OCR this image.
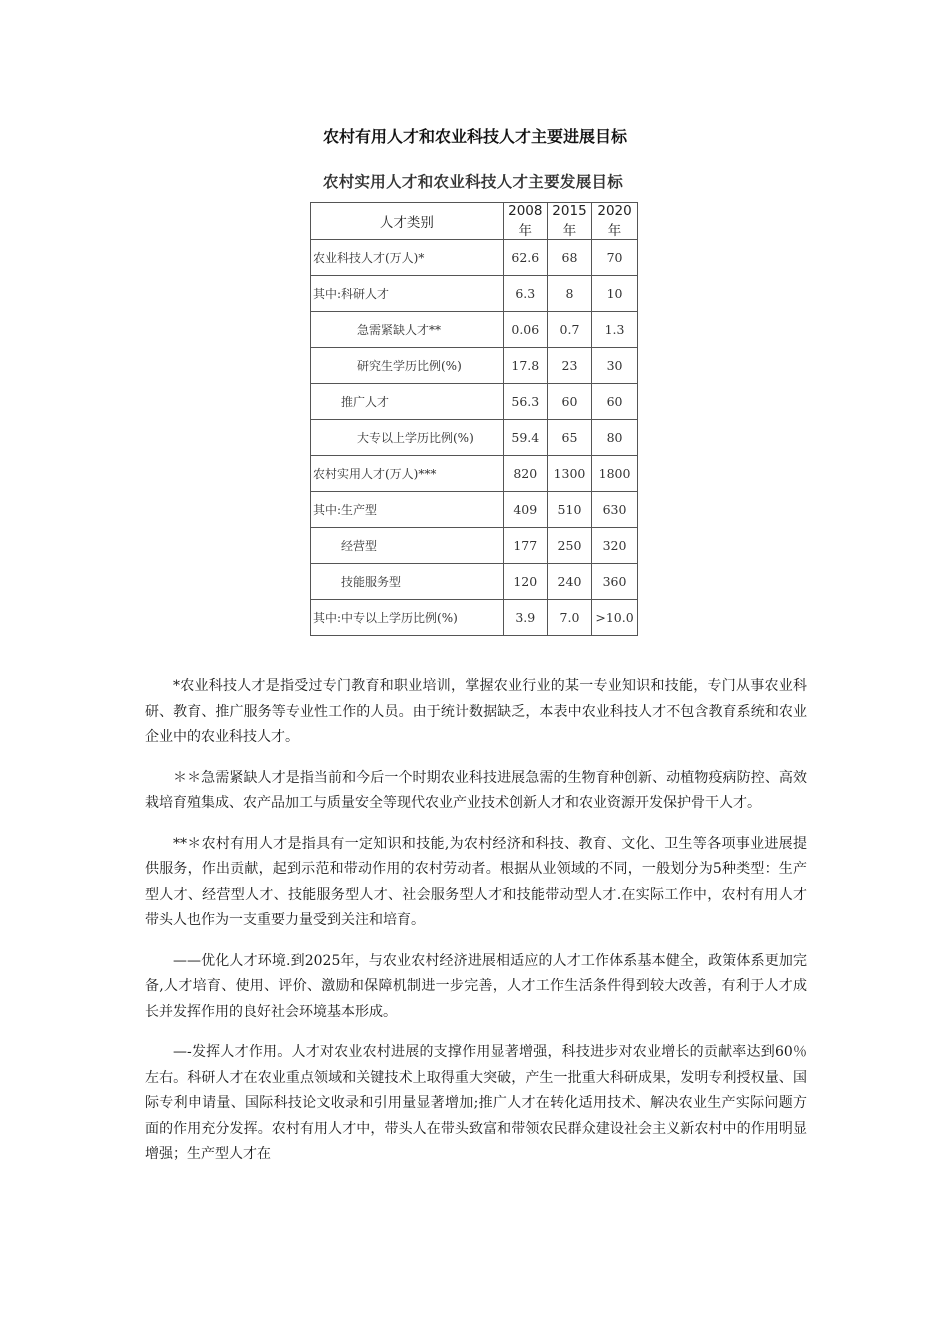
农村有用人才和农业科技人才主要进展目标
农村实用人才和农业科技人才主要发展目标
人才类别	2008年	2015年	2020年
农业科技人才(万人)*	62.6	68	70
其中:科研人才	6.3	8	10
急需紧缺人才**	0.06	0.7	1.3
研究生学历比例(%)	17.8	23	30
推广人才	56.3	60	60
大专以上学历比例(%)	59.4	65	80
农村实用人才(万人)***	820	1300	1800
其中:生产型	409	510	630
经营型	177	250	320
技能服务型	120	240	360
其中:中专以上学历比例(%)	3.9	7.0	>10.0

*农业科技人才是指受过专门教育和职业培训，掌握农业行业的某一专业知识和技能，专门从事农业科研、教育、推广服务等专业性工作的人员。由于统计数据缺乏，本表中农业科技人才不包含教育系统和农业企业中的农业科技人才。

＊＊急需紧缺人才是指当前和今后一个时期农业科技进展急需的生物育种创新、动植物疫病防控、高效栽培育殖集成、农产品加工与质量安全等现代农业产业技术创新人才和农业资源开发保护骨干人才。

**＊农村有用人才是指具有一定知识和技能,为农村经济和科技、教育、文化、卫生等各项事业进展提供服务，作出贡献，起到示范和带动作用的农村劳动者。根据从业领域的不同，一般划分为5种类型：生产型人才、经营型人才、技能服务型人才、社会服务型人才和技能带动型人才.在实际工作中，农村有用人才带头人也作为一支重要力量受到关注和培育。

——优化人才环境.到2025年，与农业农村经济进展相适应的人才工作体系基本健全，政策体系更加完备,人才培育、使用、评价、激励和保障机制进一步完善，人才工作生活条件得到较大改善，有利于人才成长并发挥作用的良好社会环境基本形成。

—-发挥人才作用。人才对农业农村进展的支撑作用显著增强，科技进步对农业增长的贡献率达到60％左右。科研人才在农业重点领域和关键技术上取得重大突破，产生一批重大科研成果，发明专利授权量、国际专利申请量、国际科技论文收录和引用量显著增加;推广人才在转化适用技术、解决农业生产实际问题方面的作用充分发挥。农村有用人才中，带头人在带头致富和带领农民群众建设社会主义新农村中的作用明显增强；生产型人才在
